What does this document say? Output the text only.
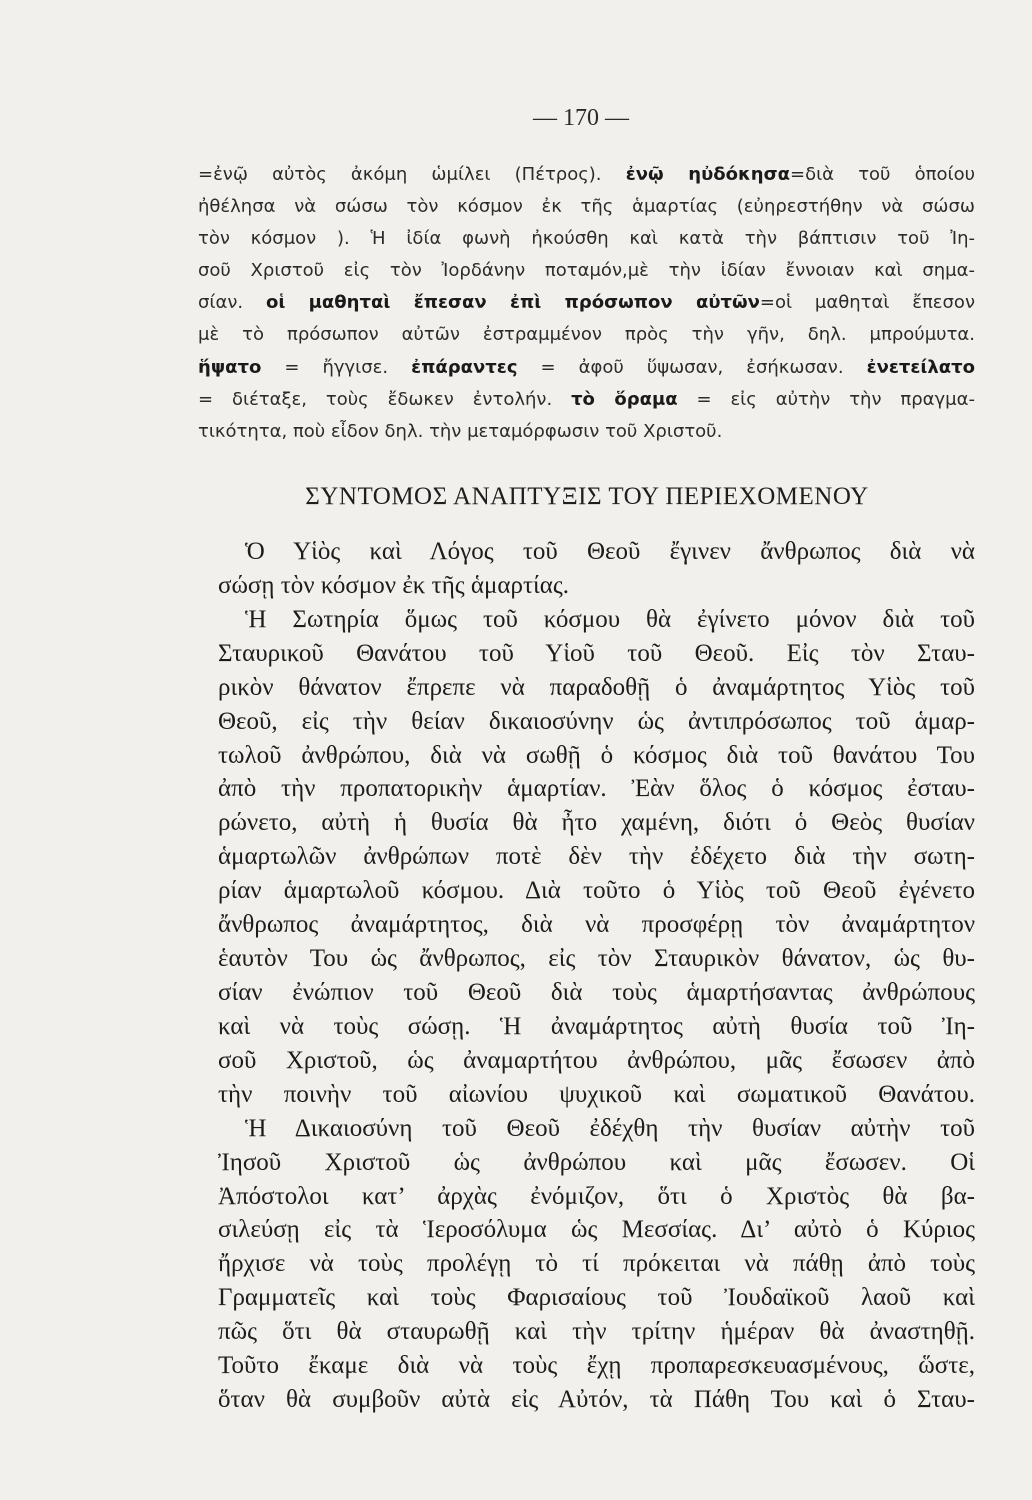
— 170 —
=ἐνῷ αὐτὸς ἀκόμη ὡμίλει (Πέτρος). ἐνῷ ηὐδόκησα=διὰ τοῦ ὁποίου
ἠθέλησα νὰ σώσω τὸν κόσμον ἐκ τῆς ἁμαρτίας (εὐηρεστήθην νὰ σώσω
τὸν κόσμον ). Ἡ ἰδία φωνὴ ἠκούσθη καὶ κατὰ τὴν βάπτισιν τοῦ Ἰη-
σοῦ Χριστοῦ εἰς τὸν Ἰορδάνην ποταμόν,μὲ τὴν ἰδίαν ἔννοιαν καὶ σημα-
σίαν. οἱ μαθηταὶ ἔπεσαν ἐπὶ πρόσωπον αὐτῶν=οἱ μαθηταὶ ἔπεσον
μὲ τὸ πρόσωπον αὐτῶν ἐστραμμένον πρὸς τὴν γῆν, δηλ. μπρούμυτα.
ἥψατο = ἤγγισε. ἐπάραντες = ἀφοῦ ὕψωσαν, ἐσήκωσαν. ἐνετείλατο
= διέταξε, τοὺς ἔδωκεν ἐντολήν. τὸ ὅραμα = εἰς αὐτὴν τὴν πραγμα-
τικότητα, ποὺ εἶδον δηλ. τὴν μεταμόρφωσιν τοῦ Χριστοῦ.
ΣΥΝΤΟΜΟΣ ΑΝΑΠΤΥΞΙΣ ΤΟΥ ΠΕΡΙΕΧΟΜΕΝΟΥ
Ὁ Υἱὸς καὶ Λόγος τοῦ Θεοῦ ἔγινεν ἄνθρωπος διὰ νὰ
σώσῃ τὸν κόσμον ἐκ τῆς ἁμαρτίας.
Ἡ Σωτηρία ὅμως τοῦ κόσμου θὰ ἐγίνετο μόνον διὰ τοῦ
Σταυρικοῦ Θανάτου τοῦ Υἱοῦ τοῦ Θεοῦ. Εἰς τὸν Σταυ-
ρικὸν θάνατον ἔπρεπε νὰ παραδοθῇ ὁ ἀναμάρτητος Υἱὸς τοῦ
Θεοῦ, εἰς τὴν θείαν δικαιοσύνην ὡς ἀντιπρόσωπος τοῦ ἁμαρ-
τωλοῦ ἀνθρώπου, διὰ νὰ σωθῇ ὁ κόσμος διὰ τοῦ θανάτου Του
ἀπὸ τὴν προπατορικὴν ἁμαρτίαν. Ἐὰν ὅλος ὁ κόσμος ἐσταυ-
ρώνετο, αὐτὴ ἡ θυσία θὰ ἦτο χαμένη, διότι ὁ Θεὸς θυσίαν
ἁμαρτωλῶν ἀνθρώπων ποτὲ δὲν τὴν ἐδέχετο διὰ τὴν σωτη-
ρίαν ἁμαρτωλοῦ κόσμου. Διὰ τοῦτο ὁ Υἱὸς τοῦ Θεοῦ ἐγένετο
ἄνθρωπος ἀναμάρτητος, διὰ νὰ προσφέρῃ τὸν ἀναμάρτητον
ἑαυτὸν Του ὡς ἄνθρωπος, εἰς τὸν Σταυρικὸν θάνατον, ὡς θυ-
σίαν ἐνώπιον τοῦ Θεοῦ διὰ τοὺς ἁμαρτήσαντας ἀνθρώπους
καὶ νὰ τοὺς σώσῃ. Ἡ ἀναμάρτητος αὐτὴ θυσία τοῦ Ἰη-
σοῦ Χριστοῦ, ὡς ἀναμαρτήτου ἀνθρώπου, μᾶς ἔσωσεν ἀπὸ
τὴν ποινὴν τοῦ αἰωνίου ψυχικοῦ καὶ σωματικοῦ Θανάτου.
Ἡ Δικαιοσύνη τοῦ Θεοῦ ἐδέχθη τὴν θυσίαν αὐτὴν τοῦ
Ἰησοῦ Χριστοῦ ὡς ἀνθρώπου καὶ μᾶς ἔσωσεν. Οἱ
Ἀπόστολοι κατ’ ἀρχὰς ἐνόμιζον, ὅτι ὁ Χριστὸς θὰ βα-
σιλεύσῃ εἰς τὰ Ἱεροσόλυμα ὡς Μεσσίας. Δι’ αὐτὸ ὁ Κύριος
ἤρχισε νὰ τοὺς προλέγῃ τὸ τί πρόκειται νὰ πάθῃ ἀπὸ τοὺς
Γραμματεῖς καὶ τοὺς Φαρισαίους τοῦ Ἰουδαϊκοῦ λαοῦ καὶ
πῶς ὅτι θὰ σταυρωθῇ καὶ τὴν τρίτην ἡμέραν θὰ ἀναστηθῇ.
Τοῦτο ἔκαμε διὰ νὰ τοὺς ἔχῃ προπαρεσκευασμένους, ὥστε,
ὅταν θὰ συμβοῦν αὐτὰ εἰς Αὐτόν, τὰ Πάθη Του καὶ ὁ Σταυ-
